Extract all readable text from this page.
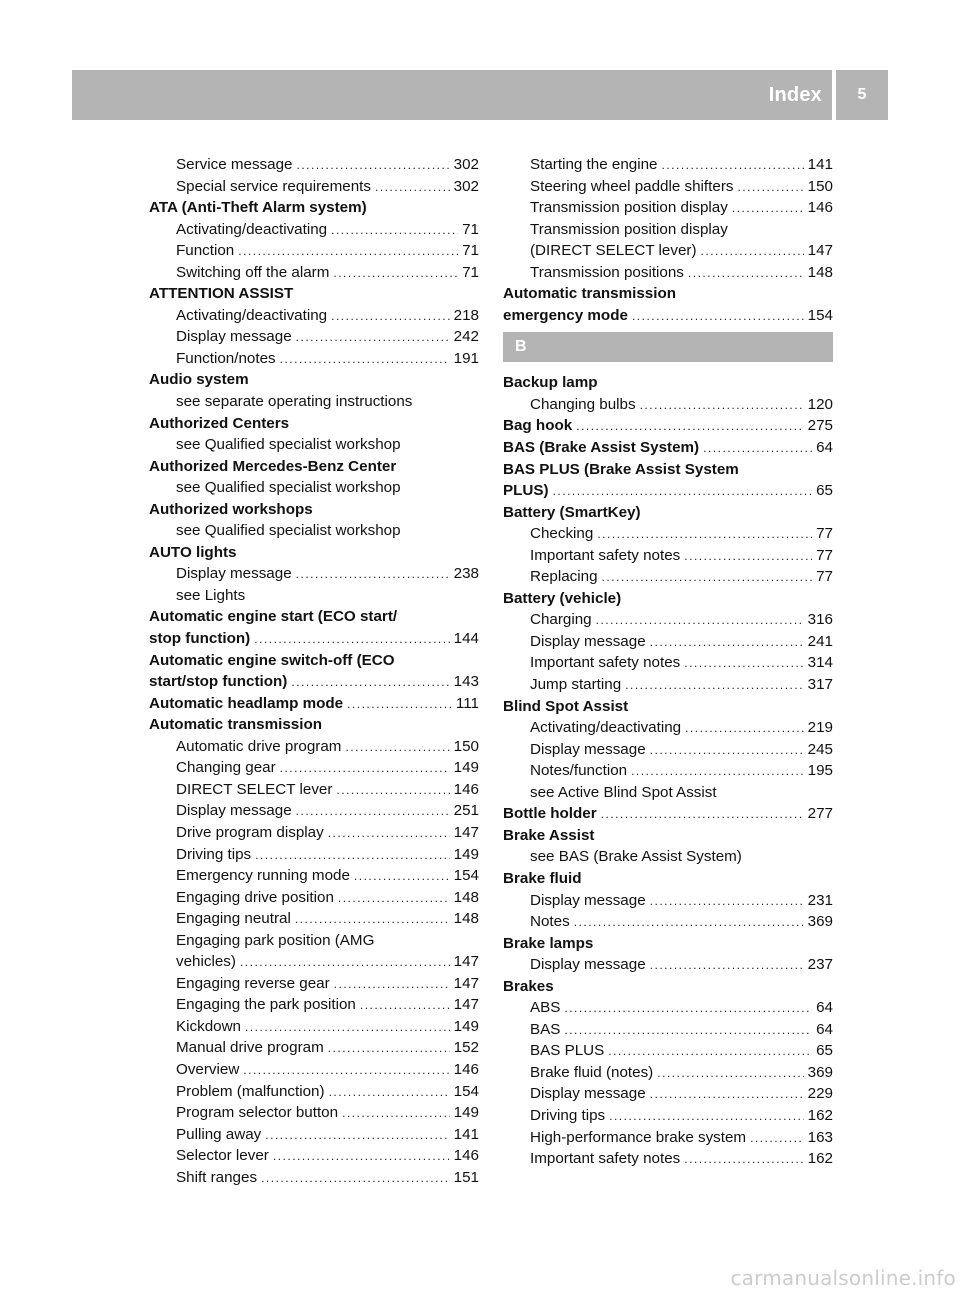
Index	5
Service message .....	302
Special service requirements .....	302
ATA (Anti-Theft Alarm system)
Activating/deactivating .....	71
Function .....	71
Switching off the alarm .....	71
ATTENTION ASSIST
Activating/deactivating .....	218
Display message .....	242
Function/notes .....	191
Audio system
see separate operating instructions
Authorized Centers
see Qualified specialist workshop
Authorized Mercedes-Benz Center
see Qualified specialist workshop
Authorized workshops
see Qualified specialist workshop
AUTO lights
Display message .....	238
see Lights
Automatic engine start (ECO start/
stop function) .....	144
Automatic engine switch-off (ECO
start/stop function) .....	143
Automatic headlamp mode .....	111
Automatic transmission
Automatic drive program .....	150
Changing gear .....	149
DIRECT SELECT lever .....	146
Display message .....	251
Drive program display .....	147
Driving tips .....	149
Emergency running mode .....	154
Engaging drive position .....	148
Engaging neutral .....	148
Engaging park position (AMG
vehicles) .....	147
Engaging reverse gear .....	147
Engaging the park position .....	147
Kickdown .....	149
Manual drive program .....	152
Overview .....	146
Problem (malfunction) .....	154
Program selector button .....	149
Pulling away .....	141
Selector lever .....	146
Shift ranges .....	151
Starting the engine .....	141
Steering wheel paddle shifters .....	150
Transmission position display .....	146
Transmission position display
(DIRECT SELECT lever) .....	147
Transmission positions .....	148
Automatic transmission
emergency mode .....	154
B
Backup lamp
Changing bulbs .....	120
Bag hook .....	275
BAS (Brake Assist System) .....	64
BAS PLUS (Brake Assist System
PLUS) .....	65
Battery (SmartKey)
Checking .....	77
Important safety notes .....	77
Replacing .....	77
Battery (vehicle)
Charging .....	316
Display message .....	241
Important safety notes .....	314
Jump starting .....	317
Blind Spot Assist
Activating/deactivating .....	219
Display message .....	245
Notes/function .....	195
see Active Blind Spot Assist
Bottle holder .....	277
Brake Assist
see BAS (Brake Assist System)
Brake fluid
Display message .....	231
Notes .....	369
Brake lamps
Display message .....	237
Brakes
ABS .....	64
BAS .....	64
BAS PLUS .....	65
Brake fluid (notes) .....	369
Display message .....	229
Driving tips .....	162
High-performance brake system .....	163
Important safety notes .....	162
carmanualsonline.info
